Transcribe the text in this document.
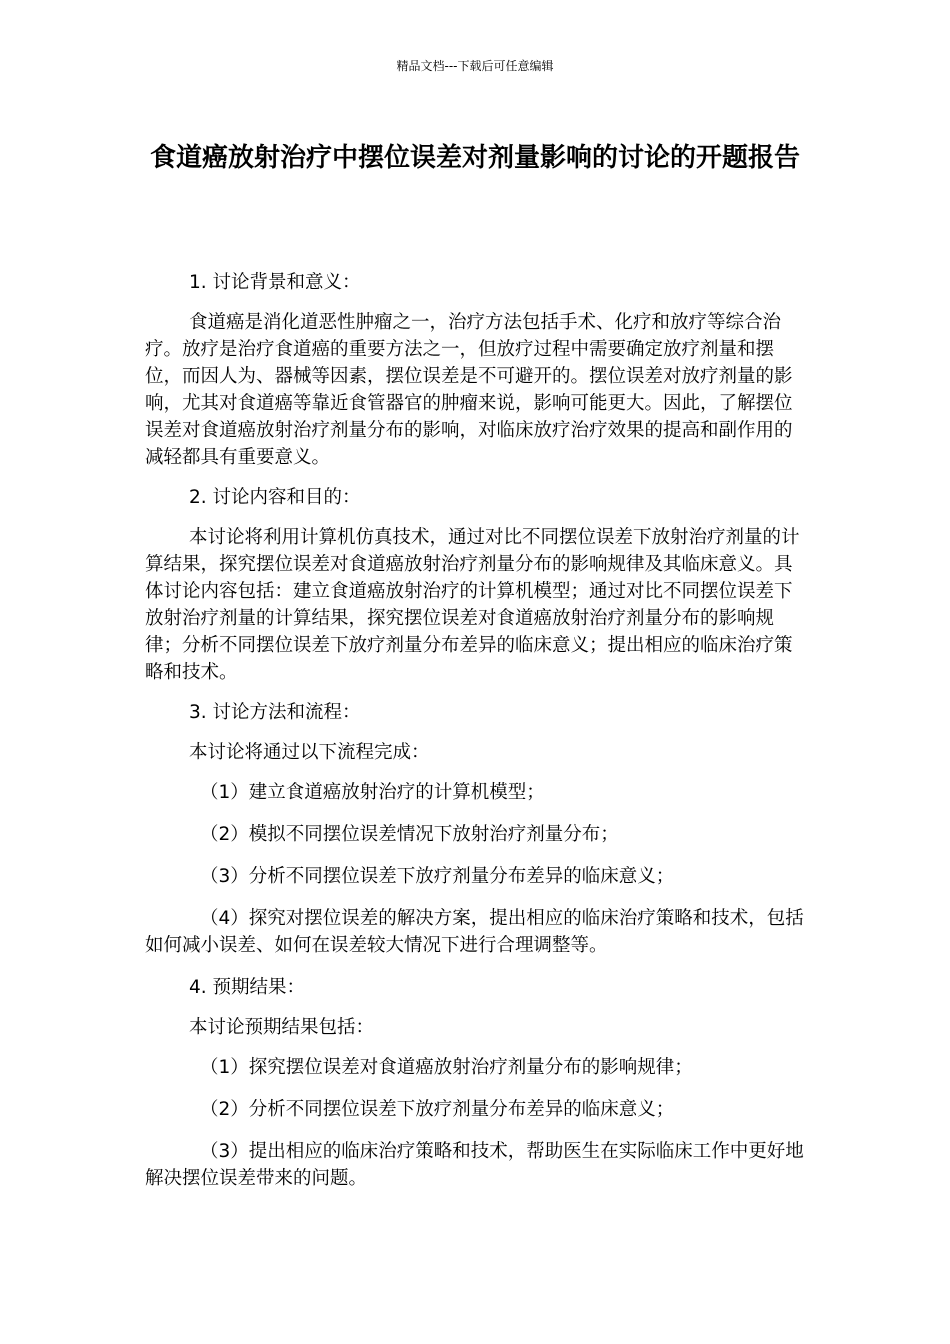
精品文档---下载后可任意编辑
食道癌放射治疗中摆位误差对剂量影响的讨论的开题报告

1. 讨论背景和意义：

食道癌是消化道恶性肿瘤之一，治疗方法包括手术、化疗和放疗等综合治疗。放疗是治疗食道癌的重要方法之一，但放疗过程中需要确定放疗剂量和摆位，而因人为、器械等因素，摆位误差是不可避开的。摆位误差对放疗剂量的影响，尤其对食道癌等靠近食管器官的肿瘤来说，影响可能更大。因此，了解摆位误差对食道癌放射治疗剂量分布的影响，对临床放疗治疗效果的提高和副作用的减轻都具有重要意义。

2. 讨论内容和目的：

本讨论将利用计算机仿真技术，通过对比不同摆位误差下放射治疗剂量的计算结果，探究摆位误差对食道癌放射治疗剂量分布的影响规律及其临床意义。具体讨论内容包括：建立食道癌放射治疗的计算机模型；通过对比不同摆位误差下放射治疗剂量的计算结果，探究摆位误差对食道癌放射治疗剂量分布的影响规律；分析不同摆位误差下放疗剂量分布差异的临床意义；提出相应的临床治疗策略和技术。

3. 讨论方法和流程：

本讨论将通过以下流程完成：

（1）建立食道癌放射治疗的计算机模型；

（2）模拟不同摆位误差情况下放射治疗剂量分布；

（3）分析不同摆位误差下放疗剂量分布差异的临床意义；

（4）探究对摆位误差的解决方案，提出相应的临床治疗策略和技术，包括如何减小误差、如何在误差较大情况下进行合理调整等。

4. 预期结果：

本讨论预期结果包括：

（1）探究摆位误差对食道癌放射治疗剂量分布的影响规律；

（2）分析不同摆位误差下放疗剂量分布差异的临床意义；

（3）提出相应的临床治疗策略和技术，帮助医生在实际临床工作中更好地解决摆位误差带来的问题。
